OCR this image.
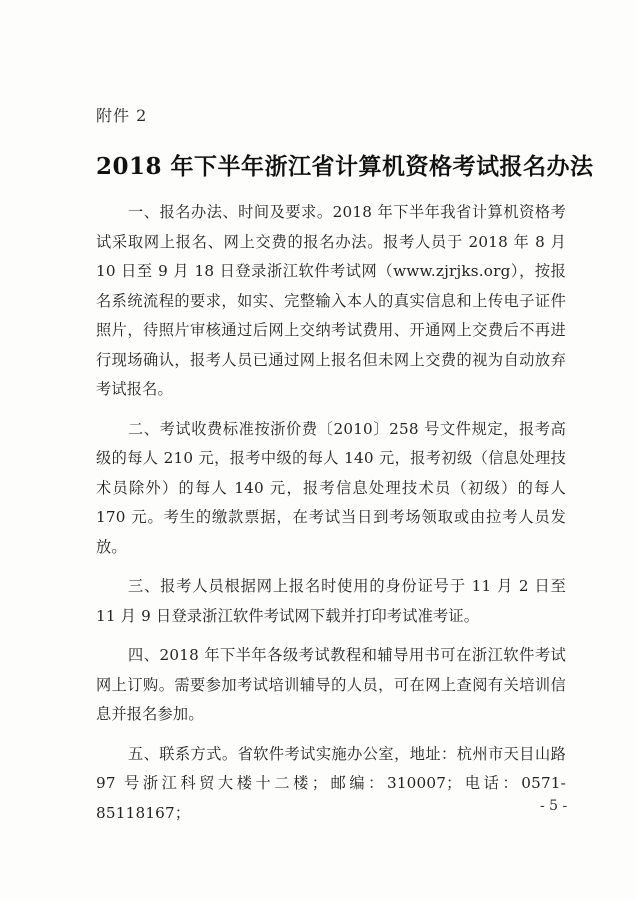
附件 2
2018 年下半年浙江省计算机资格考试报名办法

一、报名办法、时间及要求。2018 年下半年我省计算机资格考试采取网上报名、网上交费的报名办法。报考人员于 2018 年 8 月 10 日至 9 月 18 日登录浙江软件考试网（www.zjrjks.org），按报名系统流程的要求，如实、完整输入本人的真实信息和上传电子证件照片，待照片审核通过后网上交纳考试费用、开通网上交费后不再进行现场确认，报考人员已通过网上报名但未网上交费的视为自动放弃考试报名。

二、考试收费标准按浙价费〔2010〕258 号文件规定，报考高级的每人 210 元，报考中级的每人 140 元，报考初级（信息处理技术员除外）的每人 140 元，报考信息处理技术员（初级）的每人 170 元。考生的缴款票据，在考试当日到考场领取或由拉考人员发放。

三、报考人员根据网上报名时使用的身份证号于 11 月 2 日至 11 月 9 日登录浙江软件考试网下载并打印考试准考证。

四、2018 年下半年各级考试教程和辅导用书可在浙江软件考试网上订购。需要参加考试培训辅导的人员，可在网上查阅有关培训信息并报名参加。

五、联系方式。省软件考试实施办公室，地址：杭州市天目山路 97 号浙江科贸大楼十二楼；邮编：310007；电话：0571-85118167；	- 5 -
